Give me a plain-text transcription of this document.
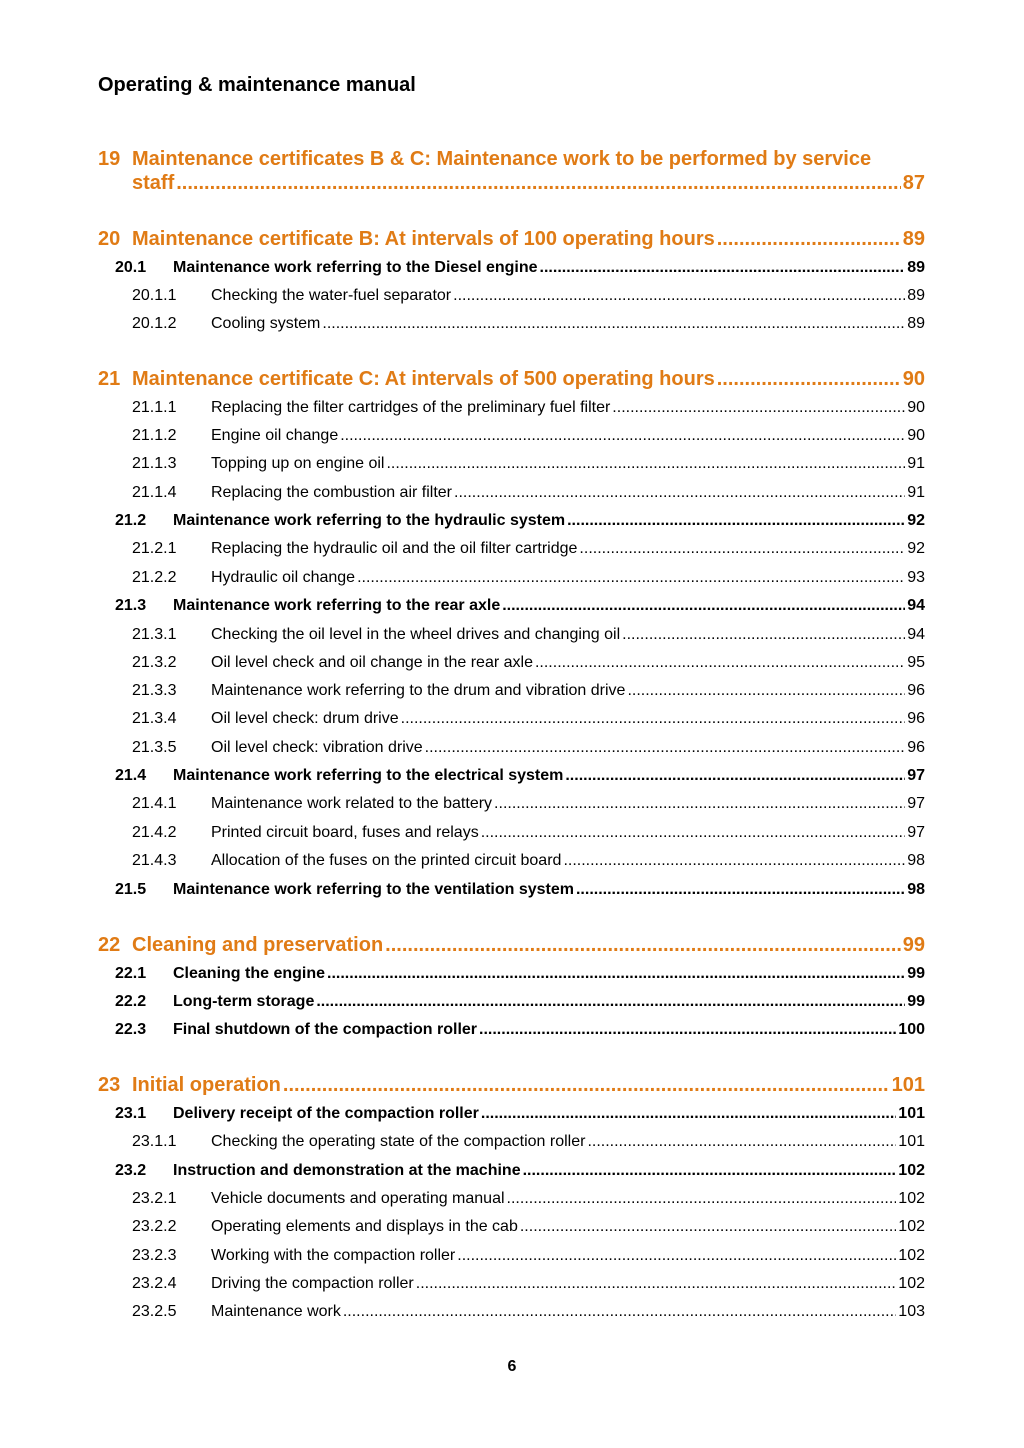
Operating & maintenance manual
19 Maintenance certificates B & C: Maintenance work to be performed by service
staff .....	87
20 Maintenance certificate B: At intervals of 100 operating hours .....	89
20.1	Maintenance work referring to the Diesel engine .....	89
20.1.1	Checking the water-fuel separator .....	89
20.1.2	Cooling system .....	89
21 Maintenance certificate C: At intervals of 500 operating hours .....	90
21.1.1	Replacing the filter cartridges of the preliminary fuel filter .....	90
21.1.2	Engine oil change .....	90
21.1.3	Topping up on engine oil .....	91
21.1.4	Replacing the combustion air filter .....	91
21.2	Maintenance work referring to the hydraulic system .....	92
21.2.1	Replacing the hydraulic oil and the oil filter cartridge .....	92
21.2.2	Hydraulic oil change .....	93
21.3	Maintenance work referring to the rear axle .....	94
21.3.1	Checking the oil level in the wheel drives and changing oil .....	94
21.3.2	Oil level check and oil change in the rear axle .....	95
21.3.3	Maintenance work referring to the drum and vibration drive .....	96
21.3.4	Oil level check: drum drive .....	96
21.3.5	Oil level check: vibration drive .....	96
21.4	Maintenance work referring to the electrical system .....	97
21.4.1	Maintenance work related to the battery .....	97
21.4.2	Printed circuit board, fuses and relays .....	97
21.4.3	Allocation of the fuses on the printed circuit board .....	98
21.5	Maintenance work referring to the ventilation system .....	98
22 Cleaning and preservation .....	99
22.1	Cleaning the engine .....	99
22.2	Long-term storage .....	99
22.3	Final shutdown of the compaction roller .....	100
23 Initial operation .....	101
23.1	Delivery receipt of the compaction roller .....	101
23.1.1	Checking the operating state of the compaction roller .....	101
23.2	Instruction and demonstration at the machine .....	102
23.2.1	Vehicle documents and operating manual .....	102
23.2.2	Operating elements and displays in the cab .....	102
23.2.3	Working with the compaction roller .....	102
23.2.4	Driving the compaction roller .....	102
23.2.5	Maintenance work .....	103
6
